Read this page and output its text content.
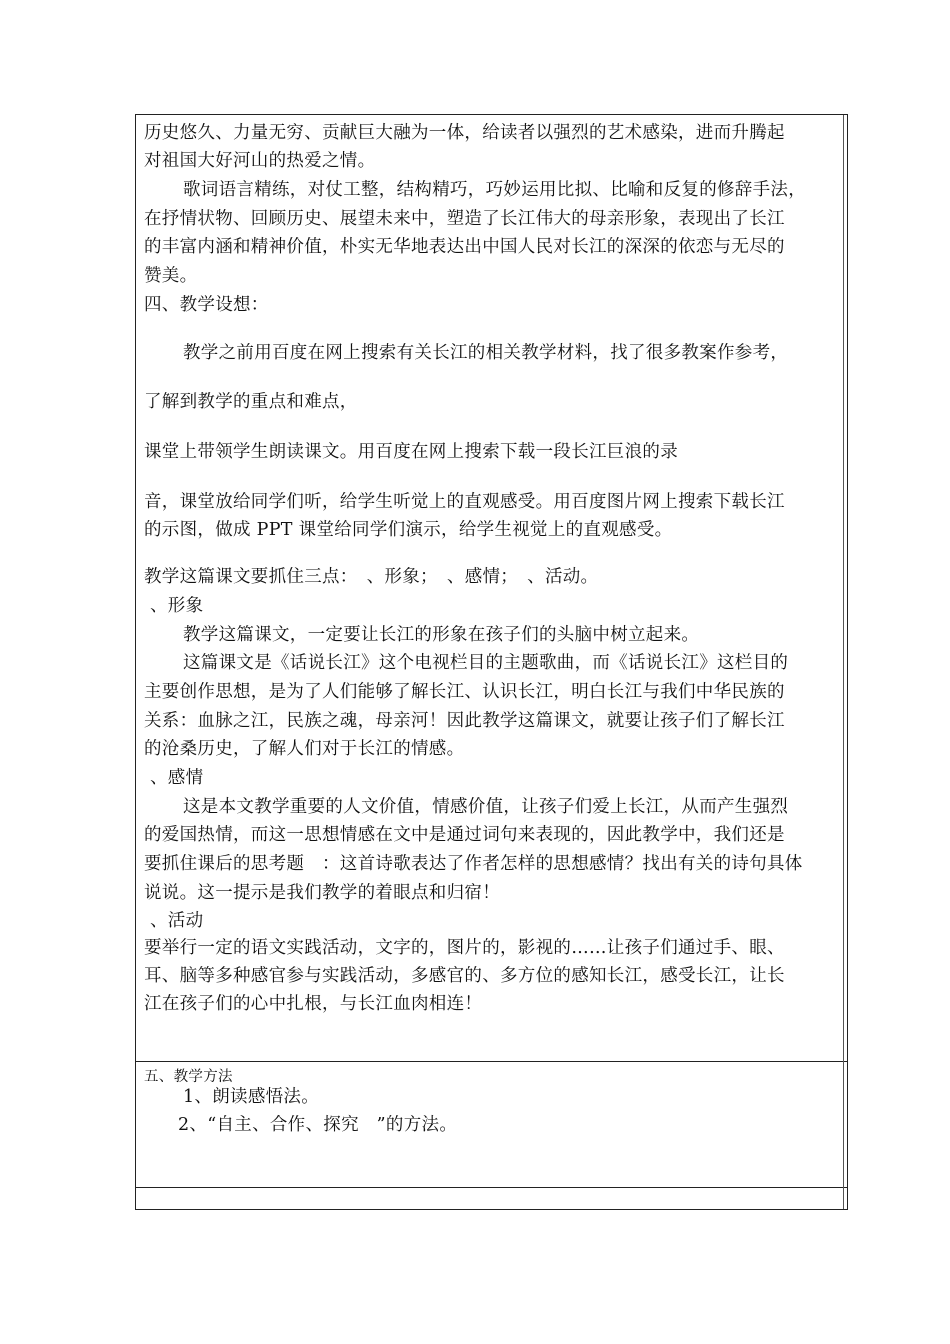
历史悠久、力量无穷、贡献巨大融为一体，给读者以强烈的艺术感染，进而升腾起
对祖国大好河山的热爱之情。
歌词语言精练，对仗工整，结构精巧，巧妙运用比拟、比喻和反复的修辞手法，
在抒情状物、回顾历史、展望未来中，塑造了长江伟大的母亲形象，表现出了长江
的丰富内涵和精神价值，朴实无华地表达出中国人民对长江的深深的依恋与无尽的
赞美。
四、教学设想：
教学之前用百度在网上搜索有关长江的相关教学材料，找了很多教案作参考，
了解到教学的重点和难点，
课堂上带领学生朗读课文。用百度在网上搜索下载一段长江巨浪的录
音，课堂放给同学们听，给学生听觉上的直观感受。用百度图片网上搜索下载长江
的示图，做成 PPT 课堂给同学们演示，给学生视觉上的直观感受。
教学这篇课文要抓住三点：　、形象；　、感情；　、活动。
、形象
教学这篇课文，一定要让长江的形象在孩子们的头脑中树立起来。
这篇课文是《话说长江》这个电视栏目的主题歌曲，而《话说长江》这栏目的
主要创作思想，是为了人们能够了解长江、认识长江，明白长江与我们中华民族的
关系：血脉之江，民族之魂，母亲河！因此教学这篇课文，就要让孩子们了解长江
的沧桑历史，了解人们对于长江的情感。
、感情
这是本文教学重要的人文价值，情感价值，让孩子们爱上长江，从而产生强烈
的爱国热情，而这一思想情感在文中是通过词句来表现的，因此教学中，我们还是
要抓住课后的思考题　：这首诗歌表达了作者怎样的思想感情？找出有关的诗句具体
说说。这一提示是我们教学的着眼点和归宿！
、活动
要举行一定的语文实践活动，文字的，图片的，影视的……让孩子们通过手、眼、
耳、脑等多种感官参与实践活动，多感官的、多方位的感知长江，感受长江，让长
江在孩子们的心中扎根，与长江血肉相连！
五、教学方法
1、朗读感悟法。
2、“自主、合作、探究　”的方法。
